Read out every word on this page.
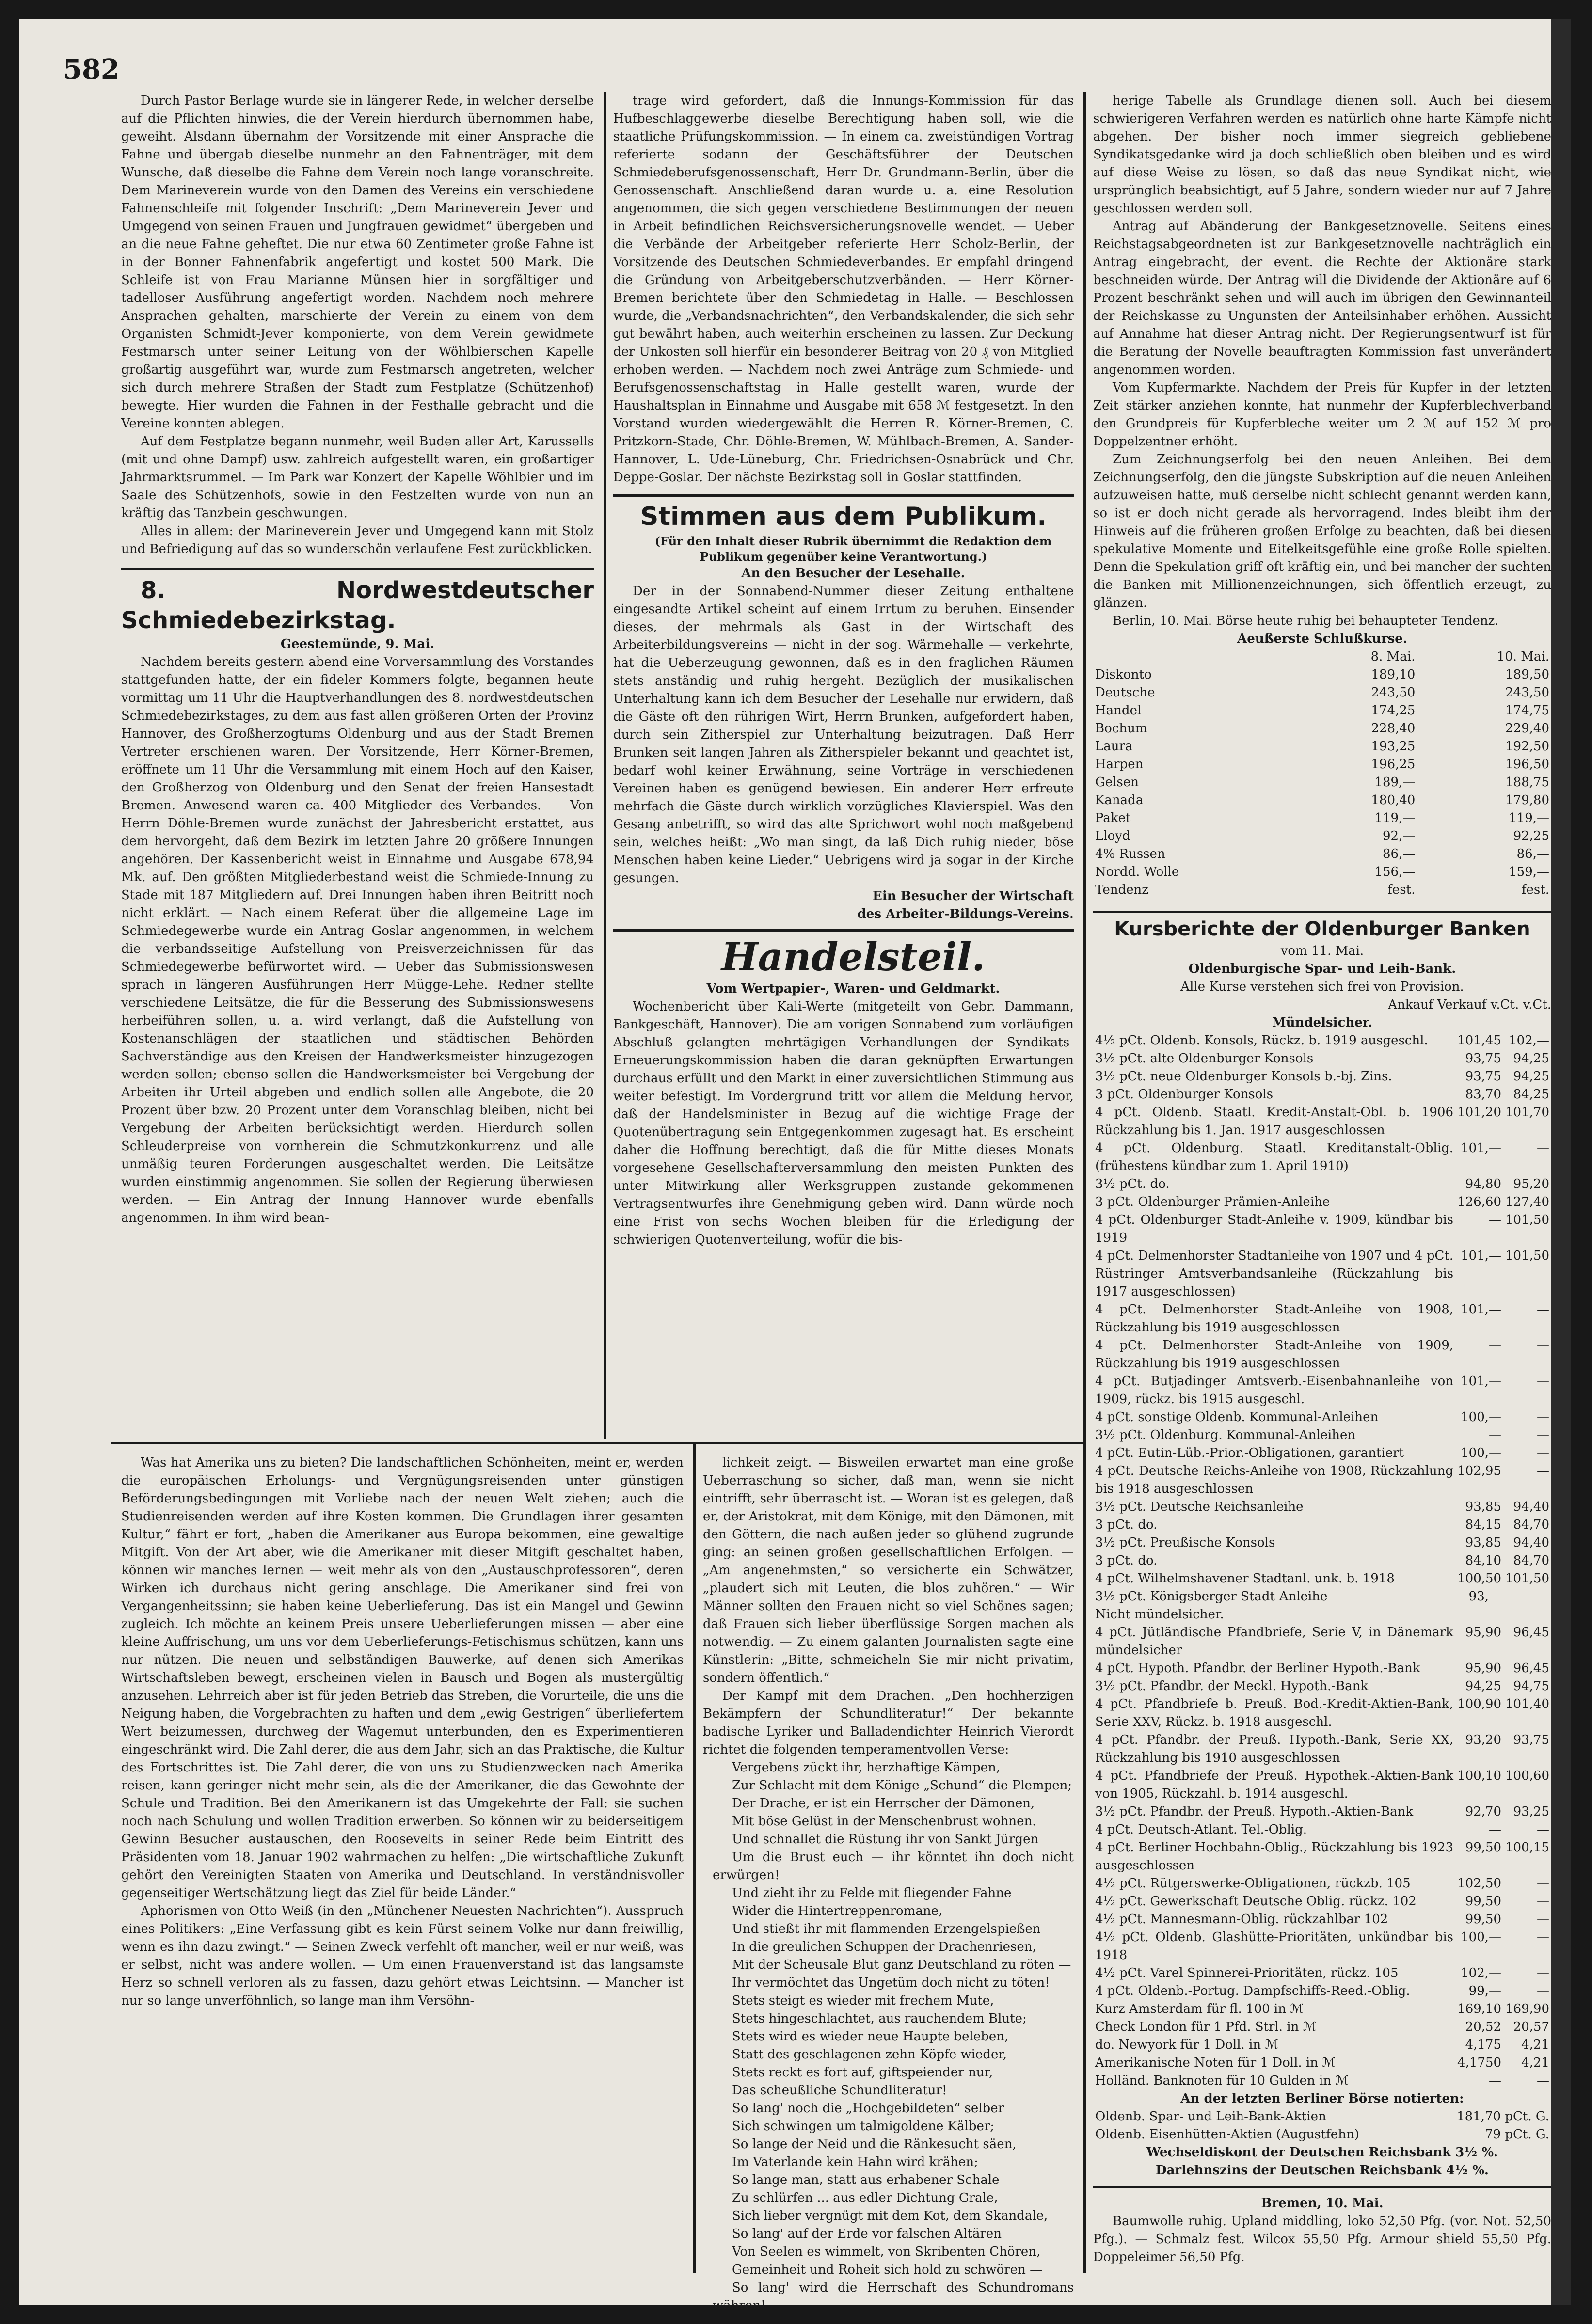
582

Durch Pastor Berlage wurde sie in längerer Rede, in welcher derselbe auf die Pflichten hinwies, die der Verein hierdurch übernommen habe, geweiht. Alsdann übernahm der Vorsitzende mit einer Ansprache die Fahne und übergab dieselbe nunmehr an den Fahnenträger, mit dem Wunsche, daß dieselbe die Fahne dem Verein noch lange voranschreite. Dem Marineverein wurde von den Damen des Vereins ein verschiedene Fahnenschleife mit folgender Inschrift: „Dem Marineverein Jever und Umgegend von seinen Frauen und Jungfrauen gewidmet“ übergeben und an die neue Fahne geheftet. Die nur etwa 60 Zentimeter große Fahne ist in der Bonner Fahnenfabrik angefertigt und kostet 500 Mark. Die Schleife ist von Frau Marianne Münsen hier in sorgfältiger und tadelloser Ausführung angefertigt worden. Nachdem noch mehrere Ansprachen gehalten, marschierte der Verein zu einem von dem Organisten Schmidt-Jever komponierte, von dem Verein gewidmete Festmarsch unter seiner Leitung von der Wöhlbierschen Kapelle großartig ausgeführt war, wurde zum Festmarsch angetreten, welcher sich durch mehrere Straßen der Stadt zum Festplatze (Schützenhof) bewegte. Hier wurden die Fahnen in der Festhalle gebracht und die Vereine konnten ablegen.

Auf dem Festplatze begann nunmehr, weil Buden aller Art, Karussells (mit und ohne Dampf) usw. zahlreich aufgestellt waren, ein großartiger Jahrmarktsrummel. — Im Park war Konzert der Kapelle Wöhlbier und im Saale des Schützenhofs, sowie in den Festzelten wurde von nun an kräftig das Tanzbein geschwungen.

Alles in allem: der Marineverein Jever und Umgegend kann mit Stolz und Befriedigung auf das so wunderschön verlaufene Fest zurückblicken.

8. Nordwestdeutscher Schmiedebezirkstag.

Geestemünde, 9. Mai.

Nachdem bereits gestern abend eine Vorversammlung des Vorstandes stattgefunden hatte, der ein fideler Kommers folgte, begannen heute vormittag um 11 Uhr die Hauptverhandlungen des 8. nordwestdeutschen Schmiedebezirkstages, zu dem aus fast allen größeren Orten der Provinz Hannover, des Großherzogtums Oldenburg und aus der Stadt Bremen Vertreter erschienen waren. Der Vorsitzende, Herr Körner-Bremen, eröffnete um 11 Uhr die Versammlung mit einem Hoch auf den Kaiser, den Großherzog von Oldenburg und den Senat der freien Hansestadt Bremen. Anwesend waren ca. 400 Mitglieder des Verbandes. — Von Herrn Döhle-Bremen wurde zunächst der Jahresbericht erstattet, aus dem hervorgeht, daß dem Bezirk im letzten Jahre 20 größere Innungen angehören. Der Kassenbericht weist in Einnahme und Ausgabe 678,94 Mk. auf. Den größten Mitgliederbestand weist die Schmiede-Innung zu Stade mit 187 Mitgliedern auf. Drei Innungen haben ihren Beitritt noch nicht erklärt. — Nach einem Referat über die allgemeine Lage im Schmiedegewerbe wurde ein Antrag Goslar angenommen, in welchem die verbandsseitige Aufstellung von Preisverzeichnissen für das Schmiedegewerbe befürwortet wird. — Ueber das Submissionswesen sprach in längeren Ausführungen Herr Mügge-Lehe. Redner stellte verschiedene Leitsätze, die für die Besserung des Submissionswesens herbeiführen sollen, u. a. wird verlangt, daß die Aufstellung von Kostenanschlägen der staatlichen und städtischen Behörden Sachverständige aus den Kreisen der Handwerksmeister hinzugezogen werden sollen; ebenso sollen die Handwerksmeister bei Vergebung der Arbeiten ihr Urteil abgeben und endlich sollen alle Angebote, die 20 Prozent über bzw. 20 Prozent unter dem Voranschlag bleiben, nicht bei Vergebung der Arbeiten berücksichtigt werden. Hierdurch sollen Schleuderpreise von vornherein die Schmutzkonkurrenz und alle unmäßig teuren Forderungen ausgeschaltet werden. Die Leitsätze wurden einstimmig angenommen. Sie sollen der Regierung überwiesen werden. — Ein Antrag der Innung Hannover wurde ebenfalls angenommen. In ihm wird bean-

trage wird gefordert, daß die Innungs-Kommission für das Hufbeschlaggewerbe dieselbe Berechtigung haben soll, wie die staatliche Prüfungskommission. — In einem ca. zweistündigen Vortrag referierte sodann der Geschäftsführer der Deutschen Schmiedeberufsgenossenschaft, Herr Dr. Grundmann-Berlin, über die Genossenschaft. Anschließend daran wurde u. a. eine Resolution angenommen, die sich gegen verschiedene Bestimmungen der neuen in Arbeit befindlichen Reichsversicherungsnovelle wendet. — Ueber die Verbände der Arbeitgeber referierte Herr Scholz-Berlin, der Vorsitzende des Deutschen Schmiedeverbandes. Er empfahl dringend die Gründung von Arbeitgeberschutzverbänden. — Herr Körner-Bremen berichtete über den Schmiedetag in Halle. — Beschlossen wurde, die „Verbandsnachrichten“, den Verbandskalender, die sich sehr gut bewährt haben, auch weiterhin erscheinen zu lassen. Zur Deckung der Unkosten soll hierfür ein besonderer Beitrag von 20 ₰ von Mitglied erhoben werden. — Nachdem noch zwei Anträge zum Schmiede- und Berufsgenossenschaftstag in Halle gestellt waren, wurde der Haushaltsplan in Einnahme und Ausgabe mit 658 ℳ festgesetzt. In den Vorstand wurden wiedergewählt die Herren R. Körner-Bremen, C. Pritzkorn-Stade, Chr. Döhle-Bremen, W. Mühlbach-Bremen, A. Sander-Hannover, L. Ude-Lüneburg, Chr. Friedrichsen-Osnabrück und Chr. Deppe-Goslar. Der nächste Bezirkstag soll in Goslar stattfinden.

Stimmen aus dem Publikum.

(Für den Inhalt dieser Rubrik übernimmt die Redaktion dem Publikum gegenüber keine Verantwortung.)

An den Besucher der Lesehalle.

Der in der Sonnabend-Nummer dieser Zeitung enthaltene eingesandte Artikel scheint auf einem Irrtum zu beruhen. Einsender dieses, der mehrmals als Gast in der Wirtschaft des Arbeiterbildungsvereins — nicht in der sog. Wärmehalle — verkehrte, hat die Ueberzeugung gewonnen, daß es in den fraglichen Räumen stets anständig und ruhig hergeht. Bezüglich der musikalischen Unterhaltung kann ich dem Besucher der Lesehalle nur erwidern, daß die Gäste oft den rührigen Wirt, Herrn Brunken, aufgefordert haben, durch sein Zitherspiel zur Unterhaltung beizutragen. Daß Herr Brunken seit langen Jahren als Zitherspieler bekannt und geachtet ist, bedarf wohl keiner Erwähnung, seine Vorträge in verschiedenen Vereinen haben es genügend bewiesen. Ein anderer Herr erfreute mehrfach die Gäste durch wirklich vorzügliches Klavierspiel. Was den Gesang anbetrifft, so wird das alte Sprichwort wohl noch maßgebend sein, welches heißt: „Wo man singt, da laß Dich ruhig nieder, böse Menschen haben keine Lieder.“ Uebrigens wird ja sogar in der Kirche gesungen.

Ein Besucher der Wirtschaft

des Arbeiter-Bildungs-Vereins.

Handelsteil.

Vom Wertpapier-, Waren- und Geldmarkt.

Wochenbericht über Kali-Werte (mitgeteilt von Gebr. Dammann, Bankgeschäft, Hannover). Die am vorigen Sonnabend zum vorläufigen Abschluß gelangten mehrtägigen Verhandlungen der Syndikats-Erneuerungskommission haben die daran geknüpften Erwartungen durchaus erfüllt und den Markt in einer zuversichtlichen Stimmung aus weiter befestigt. Im Vordergrund tritt vor allem die Meldung hervor, daß der Handelsminister in Bezug auf die wichtige Frage der Quotenübertragung sein Entgegenkommen zugesagt hat. Es erscheint daher die Hoffnung berechtigt, daß die für Mitte dieses Monats vorgesehene Gesellschafterversammlung den meisten Punkten des unter Mitwirkung aller Werksgruppen zustande gekommenen Vertragsentwurfes ihre Genehmigung geben wird. Dann würde noch eine Frist von sechs Wochen bleiben für die Erledigung der schwierigen Quotenverteilung, wofür die bis-

herige Tabelle als Grundlage dienen soll. Auch bei diesem schwierigeren Verfahren werden es natürlich ohne harte Kämpfe nicht abgehen. Der bisher noch immer siegreich gebliebene Syndikatsgedanke wird ja doch schließlich oben bleiben und es wird auf diese Weise zu lösen, so daß das neue Syndikat nicht, wie ursprünglich beabsichtigt, auf 5 Jahre, sondern wieder nur auf 7 Jahre geschlossen werden soll.

Antrag auf Abänderung der Bankgesetznovelle. Seitens eines Reichstagsabgeordneten ist zur Bankgesetznovelle nachträglich ein Antrag eingebracht, der event. die Rechte der Aktionäre stark beschneiden würde. Der Antrag will die Dividende der Aktionäre auf 6 Prozent beschränkt sehen und will auch im übrigen den Gewinnanteil der Reichskasse zu Ungunsten der Anteilsinhaber erhöhen. Aussicht auf Annahme hat dieser Antrag nicht. Der Regierungsentwurf ist für die Beratung der Novelle beauftragten Kommission fast unverändert angenommen worden.

Vom Kupfermarkte. Nachdem der Preis für Kupfer in der letzten Zeit stärker anziehen konnte, hat nunmehr der Kupferblechverband den Grundpreis für Kupferbleche weiter um 2 ℳ auf 152 ℳ pro Doppelzentner erhöht.

Zum Zeichnungserfolg bei den neuen Anleihen. Bei dem Zeichnungserfolg, den die jüngste Subskription auf die neuen Anleihen aufzuweisen hatte, muß derselbe nicht schlecht genannt werden kann, so ist er doch nicht gerade als hervorragend. Indes bleibt ihm der Hinweis auf die früheren großen Erfolge zu beachten, daß bei diesen spekulative Momente und Eitelkeitsgefühle eine große Rolle spielten. Denn die Spekulation griff oft kräftig ein, und bei mancher der suchten die Banken mit Millionenzeichnungen, sich öffentlich erzeugt, zu glänzen.

Berlin, 10. Mai. Börse heute ruhig bei behaupteter Tendenz.

Aeußerste Schlußkurse.

	8. Mai.	10. Mai.
Diskonto	189,10	189,50
Deutsche	243,50	243,50
Handel	174,25	174,75
Bochum	228,40	229,40
Laura	193,25	192,50
Harpen	196,25	196,50
Gelsen	189,—	188,75
Kanada	180,40	179,80
Paket	119,—	119,—
Lloyd	92,—	92,25
4% Russen	86,—	86,—
Nordd. Wolle	156,—	159,—
Tendenz	fest.	fest.

Kursberichte der Oldenburger Banken

vom 11. Mai.

Oldenburgische Spar- und Leih-Bank.

Alle Kurse verstehen sich frei von Provision.

Ankauf Verkauf v.Ct. v.Ct.

Mündelsicher.

4½ pCt. Oldenb. Konsols, Rückz. b. 1919 ausgeschl.	101,45	102,—
3½ pCt. alte Oldenburger Konsols	93,75	94,25
3½ pCt. neue Oldenburger Konsols b.-bj. Zins.	93,75	94,25
3 pCt. Oldenburger Konsols	83,70	84,25
4 pCt. Oldenb. Staatl. Kredit-Anstalt-Obl. b. 1906 Rückzahlung bis 1. Jan. 1917 ausgeschlossen	101,20	101,70
4 pCt. Oldenburg. Staatl. Kreditanstalt-Oblig. (frühestens kündbar zum 1. April 1910)	101,—	—
3½ pCt. do.	94,80	95,20
3 pCt. Oldenburger Prämien-Anleihe	126,60	127,40
4 pCt. Oldenburger Stadt-Anleihe v. 1909, kündbar bis 1919	—	101,50
4 pCt. Delmenhorster Stadtanleihe von 1907 und 4 pCt. Rüstringer Amtsverbandsanleihe (Rückzahlung bis 1917 ausgeschlossen)	101,—	101,50
4 pCt. Delmenhorster Stadt-Anleihe von 1908, Rückzahlung bis 1919 ausgeschlossen	101,—	—
4 pCt. Delmenhorster Stadt-Anleihe von 1909, Rückzahlung bis 1919 ausgeschlossen	—	—
4 pCt. Butjadinger Amtsverb.-Eisenbahnanleihe von 1909, rückz. bis 1915 ausgeschl.	101,—	—
4 pCt. sonstige Oldenb. Kommunal-Anleihen	100,—	—
3½ pCt. Oldenburg. Kommunal-Anleihen	—	—
4 pCt. Eutin-Lüb.-Prior.-Obligationen, garantiert	100,—	—
4 pCt. Deutsche Reichs-Anleihe von 1908, Rückzahlung bis 1918 ausgeschlossen	102,95	—
3½ pCt. Deutsche Reichsanleihe	93,85	94,40
3 pCt. do.	84,15	84,70
3½ pCt. Preußische Konsols	93,85	94,40
3 pCt. do.	84,10	84,70
4 pCt. Wilhelmshavener Stadtanl. unk. b. 1918	100,50	101,50
3½ pCt. Königsberger Stadt-Anleihe	93,—	—
Nicht mündelsicher.		
4 pCt. Jütländische Pfandbriefe, Serie V, in Dänemark mündelsicher	95,90	96,45
4 pCt. Hypoth. Pfandbr. der Berliner Hypoth.-Bank	95,90	96,45
3½ pCt. Pfandbr. der Meckl. Hypoth.-Bank	94,25	94,75
4 pCt. Pfandbriefe b. Preuß. Bod.-Kredit-Aktien-Bank, Serie XXV, Rückz. b. 1918 ausgeschl.	100,90	101,40
4 pCt. Pfandbr. der Preuß. Hypoth.-Bank, Serie XX, Rückzahlung bis 1910 ausgeschlossen	93,20	93,75
4 pCt. Pfandbriefe der Preuß. Hypothek.-Aktien-Bank von 1905, Rückzahl. b. 1914 ausgeschl.	100,10	100,60
3½ pCt. Pfandbr. der Preuß. Hypoth.-Aktien-Bank	92,70	93,25
4 pCt. Deutsch-Atlant. Tel.-Oblig.	—	—
4 pCt. Berliner Hochbahn-Oblig., Rückzahlung bis 1923 ausgeschlossen	99,50	100,15
4½ pCt. Rütgerswerke-Obligationen, rückzb. 105	102,50	—
4½ pCt. Gewerkschaft Deutsche Oblig. rückz. 102	99,50	—
4½ pCt. Mannesmann-Oblig. rückzahlbar 102	99,50	—
4½ pCt. Oldenb. Glashütte-Prioritäten, unkündbar bis 1918	100,—	—
4½ pCt. Varel Spinnerei-Prioritäten, rückz. 105	102,—	—
4 pCt. Oldenb.-Portug. Dampfschiffs-Reed.-Oblig.	99,—	—
Kurz Amsterdam für fl. 100 in ℳ	169,10	169,90
Check London für 1 Pfd. Strl. in ℳ	20,52	20,57
do. Newyork für 1 Doll. in ℳ	4,175	4,21
Amerikanische Noten für 1 Doll. in ℳ	4,1750	4,21
Holländ. Banknoten für 10 Gulden in ℳ	—	—

An der letzten Berliner Börse notierten:

Oldenb. Spar- und Leih-Bank-Aktien	181,70 pCt. G.
Oldenb. Eisenhütten-Aktien (Augustfehn)	79 pCt. G.

Wechseldiskont der Deutschen Reichsbank 3½ %.

Darlehnszins der Deutschen Reichsbank 4½ %.

Bremen, 10. Mai.

Baumwolle ruhig. Upland middling, loko 52,50 Pfg. (vor. Not. 52,50 Pfg.). — Schmalz fest. Wilcox 55,50 Pfg. Armour shield 55,50 Pfg. Doppeleimer 56,50 Pfg.

Was hat Amerika uns zu bieten? Die landschaftlichen Schönheiten, meint er, werden die europäischen Erholungs- und Vergnügungsreisenden unter günstigen Beförderungsbedingungen mit Vorliebe nach der neuen Welt ziehen; auch die Studienreisenden werden auf ihre Kosten kommen. Die Grundlagen ihrer gesamten Kultur,“ fährt er fort, „haben die Amerikaner aus Europa bekommen, eine gewaltige Mitgift. Von der Art aber, wie die Amerikaner mit dieser Mitgift geschaltet haben, können wir manches lernen — weit mehr als von den „Austauschprofessoren“, deren Wirken ich durchaus nicht gering anschlage. Die Amerikaner sind frei von Vergangenheitssinn; sie haben keine Ueberlieferung. Das ist ein Mangel und Gewinn zugleich. Ich möchte an keinem Preis unsere Ueberlieferungen missen — aber eine kleine Auffrischung, um uns vor dem Ueberlieferungs-Fetischismus schützen, kann uns nur nützen. Die neuen und selbständigen Bauwerke, auf denen sich Amerikas Wirtschaftsleben bewegt, erscheinen vielen in Bausch und Bogen als mustergültig anzusehen. Lehrreich aber ist für jeden Betrieb das Streben, die Vorurteile, die uns die Neigung haben, die Vorgebrachten zu haften und dem „ewig Gestrigen“ überliefertem Wert beizumessen, durchweg der Wagemut unterbunden, den es Experimentieren eingeschränkt wird. Die Zahl derer, die aus dem Jahr, sich an das Praktische, die Kultur des Fortschrittes ist. Die Zahl derer, die von uns zu Studienzwecken nach Amerika reisen, kann geringer nicht mehr sein, als die der Amerikaner, die das Gewohnte der Schule und Tradition. Bei den Amerikanern ist das Umgekehrte der Fall: sie suchen noch nach Schulung und wollen Tradition erwerben. So können wir zu beiderseitigem Gewinn Besucher austauschen, den Roosevelts in seiner Rede beim Eintritt des Präsidenten vom 18. Januar 1902 wahrmachen zu helfen: „Die wirtschaftliche Zukunft gehört den Vereinigten Staaten von Amerika und Deutschland. In verständnisvoller gegenseitiger Wertschätzung liegt das Ziel für beide Länder.“

Aphorismen von Otto Weiß (in den „Münchener Neuesten Nachrichten“). Ausspruch eines Politikers: „Eine Verfassung gibt es kein Fürst seinem Volke nur dann freiwillig, wenn es ihn dazu zwingt.“ — Seinen Zweck verfehlt oft mancher, weil er nur weiß, was er selbst, nicht was andere wollen. — Um einen Frauenverstand ist das langsamste Herz so schnell verloren als zu fassen, dazu gehört etwas Leichtsinn. — Mancher ist nur so lange unverföhnlich, so lange man ihm Versöhn-

lichkeit zeigt. — Bisweilen erwartet man eine große Ueberraschung so sicher, daß man, wenn sie nicht eintrifft, sehr überrascht ist. — Woran ist es gelegen, daß er, der Aristokrat, mit dem Könige, mit den Dämonen, mit den Göttern, die nach außen jeder so glühend zugrunde ging: an seinen großen gesellschaftlichen Erfolgen. — „Am angenehmsten,“ so versicherte ein Schwätzer, „plaudert sich mit Leuten, die blos zuhören.“ — Wir Männer sollten den Frauen nicht so viel Schönes sagen; daß Frauen sich lieber überflüssige Sorgen machen als notwendig. — Zu einem galanten Journalisten sagte eine Künstlerin: „Bitte, schmeicheln Sie mir nicht privatim, sondern öffentlich.“

Der Kampf mit dem Drachen. „Den hochherzigen Bekämpfern der Schundliteratur!“ Der bekannte badische Lyriker und Balladendichter Heinrich Vierordt richtet die folgenden temperamentvollen Verse:

Vergebens zückt ihr, herzhaftige Kämpen,

Zur Schlacht mit dem Könige „Schund“ die Plempen;

Der Drache, er ist ein Herrscher der Dämonen,

Mit böse Gelüst in der Menschenbrust wohnen.

Und schnallet die Rüstung ihr von Sankt Jürgen

Um die Brust euch — ihr könntet ihn doch nicht erwürgen!

Und zieht ihr zu Felde mit fliegender Fahne

Wider die Hintertreppenromane,

Und stießt ihr mit flammenden Erzengelspießen

In die greulichen Schuppen der Drachenriesen,

Mit der Scheusale Blut ganz Deutschland zu röten —

Ihr vermöchtet das Ungetüm doch nicht zu töten!

Stets steigt es wieder mit frechem Mute,

Stets hingeschlachtet, aus rauchendem Blute;

Stets wird es wieder neue Haupte beleben,

Statt des geschlagenen zehn Köpfe wieder,

Stets reckt es fort auf, giftspeiender nur,

Das scheußliche Schundliteratur!

So lang' noch die „Hochgebildeten“ selber

Sich schwingen um talmigoldene Kälber;

So lange der Neid und die Ränkesucht säen,

Im Vaterlande kein Hahn wird krähen;

So lange man, statt aus erhabener Schale

Zu schlürfen ... aus edler Dichtung Grale,

Sich lieber vergnügt mit dem Kot, dem Skandale,

So lang' auf der Erde vor falschen Altären

Von Seelen es wimmelt, von Skribenten Chören,

Gemeinheit und Roheit sich hold zu schwören —

So lang' wird die Herrschaft des Schundromans währen!
